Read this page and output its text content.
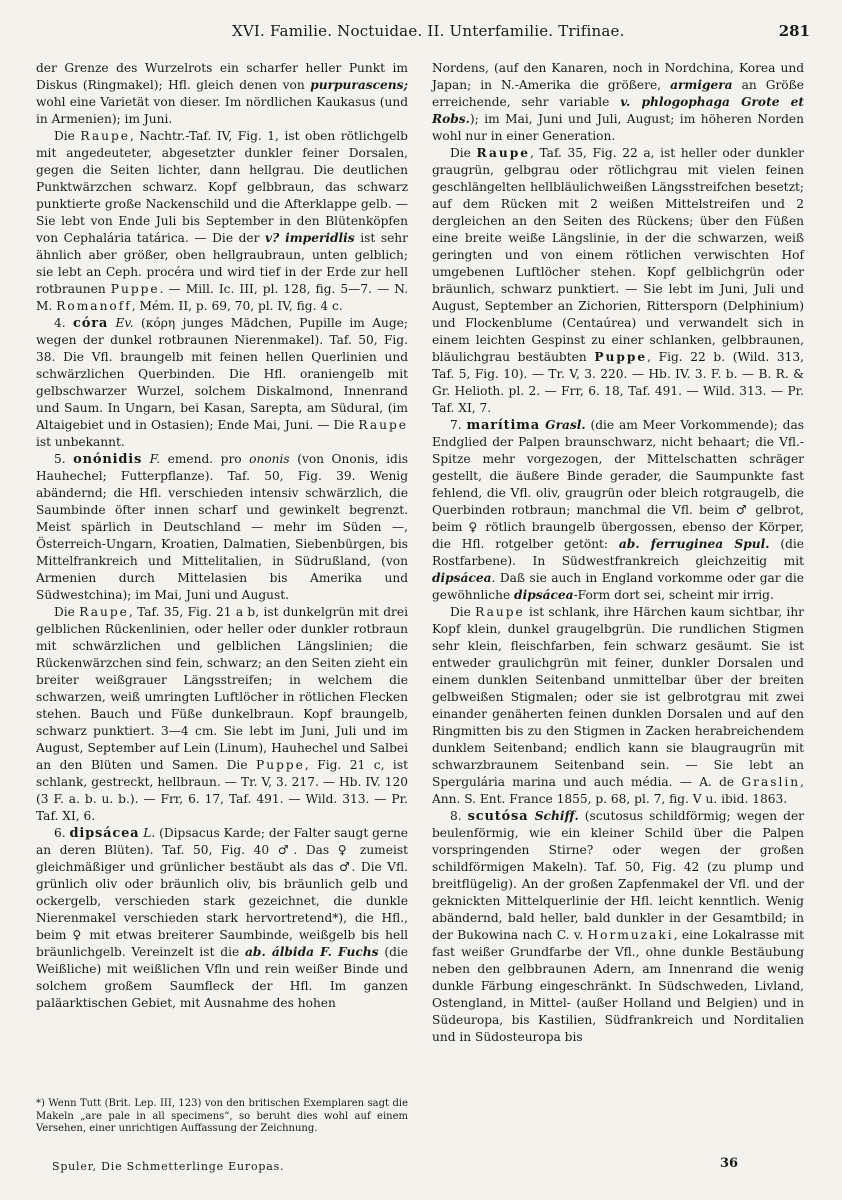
XVI. Familie. Noctuidae. II. Unterfamilie. Trifinae.	281

der Grenze des Wurzelrots ein scharfer heller Punkt im Diskus (Ringmakel); Hfl. gleich denen von purpurascens; wohl eine Varietät von dieser. Im nördlichen Kaukasus (und in Armenien); im Juni.

Die Raupe, Nachtr.-Taf. IV, Fig. 1, ist oben rötlichgelb mit angedeuteter, abgesetzter dunkler feiner Dorsalen, gegen die Seiten lichter, dann hellgrau. Die deutlichen Punktwärzchen schwarz. Kopf gelbbraun, das schwarz punktierte große Nackenschild und die Afterklappe gelb. — Sie lebt von Ende Juli bis September in den Blütenköpfen von Cephalária tatárica. — Die der v? imperidlis ist sehr ähnlich aber größer, oben hellgraubraun, unten gelblich; sie lebt an Ceph. procéra und wird tief in der Erde zur hell rotbraunen Puppe. — Mill. Ic. III, pl. 128, fig. 5—7. — N. M. Romanoff, Mém. II, p. 69, 70, pl. IV, fig. 4 c.

4. córa Ev. (κόρη junges Mädchen, Pupille im Auge; wegen der dunkel rotbraunen Nierenmakel). Taf. 50, Fig. 38. Die Vfl. braungelb mit feinen hellen Querlinien und schwärzlichen Querbinden. Die Hfl. oraniengelb mit gelbschwarzer Wurzel, solchem Diskalmond, Innenrand und Saum. In Ungarn, bei Kasan, Sarepta, am Südural, (im Altaigebiet und in Ostasien); Ende Mai, Juni. — Die Raupe ist unbekannt.

5. onónidis F. emend. pro ononis (von Ononis, idis Hauhechel; Futterpflanze). Taf. 50, Fig. 39. Wenig abändernd; die Hfl. verschieden intensiv schwärzlich, die Saumbinde öfter innen scharf und gewinkelt begrenzt. Meist spärlich in Deutschland — mehr im Süden —, Österreich-Ungarn, Kroatien, Dalmatien, Siebenbürgen, bis Mittelfrankreich und Mittelitalien, in Südrußland, (von Armenien durch Mittelasien bis Amerika und Südwestchina); im Mai, Juni und August.

Die Raupe, Taf. 35, Fig. 21 a b, ist dunkelgrün mit drei gelblichen Rückenlinien, oder heller oder dunkler rotbraun mit schwärzlichen und gelblichen Längslinien; die Rückenwärzchen sind fein, schwarz; an den Seiten zieht ein breiter weißgrauer Längsstreifen; in welchem die schwarzen, weiß umringten Luftlöcher in rötlichen Flecken stehen. Bauch und Füße dunkelbraun. Kopf braungelb, schwarz punktiert. 3—4 cm. Sie lebt im Juni, Juli und im August, September auf Lein (Linum), Hauhechel und Salbei an den Blüten und Samen. Die Puppe, Fig. 21 c, ist schlank, gestreckt, hellbraun. — Tr. V, 3. 217. — Hb. IV. 120 (3 F. a. b. u. b.). — Frr, 6. 17, Taf. 491. — Wild. 313. — Pr. Taf. XI, 6.

6. dipsácea L. (Dipsacus Karde; der Falter saugt gerne an deren Blüten). Taf. 50, Fig. 40 ♂. Das ♀ zumeist gleichmäßiger und grünlicher bestäubt als das ♂. Die Vfl. grünlich oliv oder bräunlich oliv, bis bräunlich gelb und ockergelb, verschieden stark gezeichnet, die dunkle Nierenmakel verschieden stark hervortretend*), die Hfl., beim ♀ mit etwas breiterer Saumbinde, weißgelb bis hell bräunlichgelb. Vereinzelt ist die ab. álbida F. Fuchs (die Weißliche) mit weißlichen Vfln und rein weißer Binde und solchem großem Saumfleck der Hfl. Im ganzen paläarktischen Gebiet, mit Ausnahme des hohen

*) Wenn Tutt (Brit. Lep. III, 123) von den britischen Exemplaren sagt die Makeln „are pale in all specimens“, so beruht dies wohl auf einem Versehen, einer unrichtigen Auffassung der Zeichnung.
Spuler, Die Schmetterlinge Europas.	36

Nordens, (auf den Kanaren, noch in Nordchina, Korea und Japan; in N.-Amerika die größere, armigera an Größe erreichende, sehr variable v. phlogophaga Grote et Robs.); im Mai, Juni und Juli, August; im höheren Norden wohl nur in einer Generation.

Die Raupe, Taf. 35, Fig. 22 a, ist heller oder dunkler graugrün, gelbgrau oder rötlichgrau mit vielen feinen geschlängelten hellbläulichweißen Längsstreifchen besetzt; auf dem Rücken mit 2 weißen Mittelstreifen und 2 dergleichen an den Seiten des Rückens; über den Füßen eine breite weiße Längslinie, in der die schwarzen, weiß geringten und von einem rötlichen verwischten Hof umgebenen Luftlöcher stehen. Kopf gelblichgrün oder bräunlich, schwarz punktiert. — Sie lebt im Juni, Juli und August, September an Zichorien, Rittersporn (Delphinium) und Flockenblume (Centaúrea) und verwandelt sich in einem leichten Gespinst zu einer schlanken, gelbbraunen, bläulichgrau bestäubten Puppe, Fig. 22 b. (Wild. 313, Taf. 5, Fig. 10). — Tr. V, 3. 220. — Hb. IV. 3. F. b. — B. R. & Gr. Helioth. pl. 2. — Frr, 6. 18, Taf. 491. — Wild. 313. — Pr. Taf. XI, 7.

7. marítima Grasl. (die am Meer Vorkommende); das Endglied der Palpen braunschwarz, nicht behaart; die Vfl.-Spitze mehr vorgezogen, der Mittelschatten schräger gestellt, die äußere Binde gerader, die Saumpunkte fast fehlend, die Vfl. oliv, graugrün oder bleich rotgraugelb, die Querbinden rotbraun; manchmal die Vfl. beim ♂ gelbrot, beim ♀ rötlich braungelb übergossen, ebenso der Körper, die Hfl. rotgelber getönt: ab. ferruginea Spul. (die Rostfarbene). In Südwestfrankreich gleichzeitig mit dipsácea. Daß sie auch in England vorkomme oder gar die gewöhnliche dipsácea-Form dort sei, scheint mir irrig.

Die Raupe ist schlank, ihre Härchen kaum sichtbar, ihr Kopf klein, dunkel graugelbgrün. Die rundlichen Stigmen sehr klein, fleischfarben, fein schwarz gesäumt. Sie ist entweder graulichgrün mit feiner, dunkler Dorsalen und einem dunklen Seitenband unmittelbar über der breiten gelbweißen Stigmalen; oder sie ist gelbrotgrau mit zwei einander genäherten feinen dunklen Dorsalen und auf den Ringmitten bis zu den Stigmen in Zacken herabreichendem dunklem Seitenband; endlich kann sie blaugraugrün mit schwarzbraunem Seitenband sein. — Sie lebt an Spergulária marina und auch média. — A. de Graslin, Ann. S. Ent. France 1855, p. 68, pl. 7, fig. V u. ibid. 1863.

8. scutósa Schiff. (scutosus schildförmig; wegen der beulenförmig, wie ein kleiner Schild über die Palpen vorspringenden Stirne? oder wegen der großen schildförmigen Makeln). Taf. 50, Fig. 42 (zu plump und breitflügelig). An der großen Zapfenmakel der Vfl. und der geknickten Mittelquerlinie der Hfl. leicht kenntlich. Wenig abändernd, bald heller, bald dunkler in der Gesamtbild; in der Bukowina nach C. v. Hormuzaki, eine Lokalrasse mit fast weißer Grundfarbe der Vfl., ohne dunkle Bestäubung neben den gelbbraunen Adern, am Innenrand die wenig dunkle Färbung eingeschränkt. In Südschweden, Livland, Ostengland, in Mittel- (außer Holland und Belgien) und in Südeuropa, bis Kastilien, Südfrankreich und Norditalien und in Südosteuropa bis
